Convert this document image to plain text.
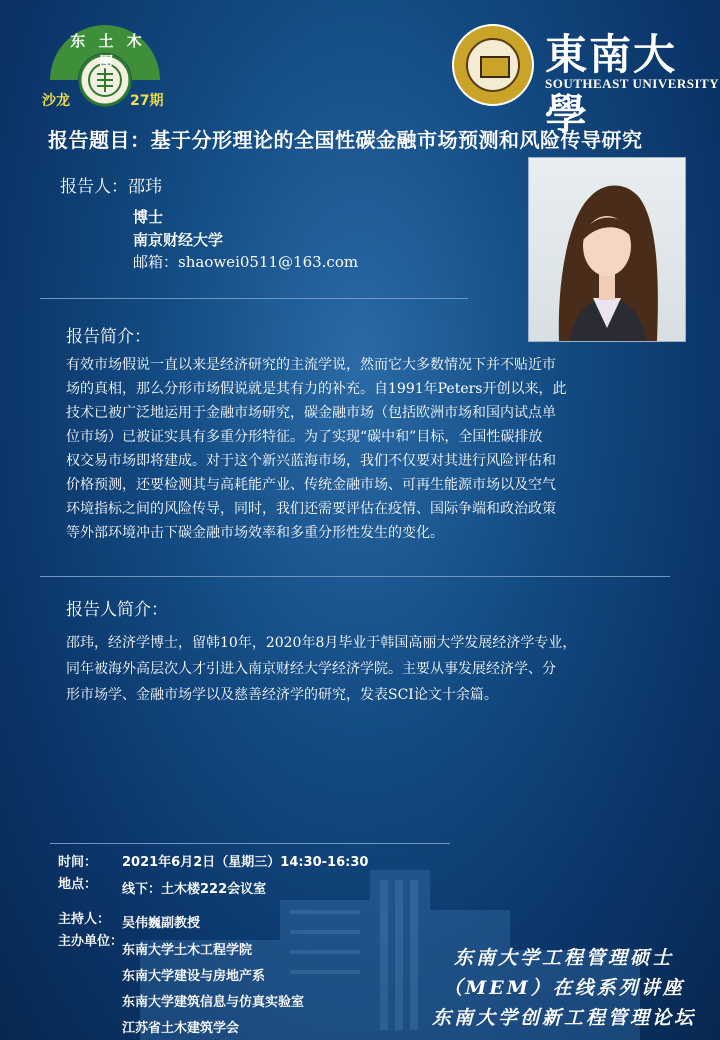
东 土 木 屋
沙龙	27期
東南大學
SOUTHEAST UNIVERSITY
报告题目：基于分形理论的全国性碳金融市场预测和风险传导研究
报告人：邵玮
博士
南京财经大学
邮箱：shaowei0511@163.com
报告简介：
有效市场假说一直以来是经济研究的主流学说，然而它大多数情况下并不贴近市
场的真相，那么分形市场假说就是其有力的补充。自1991年Peters开创以来，此
技术已被广泛地运用于金融市场研究，碳金融市场（包括欧洲市场和国内试点单
位市场）已被证实具有多重分形特征。为了实现“碳中和”目标，全国性碳排放
权交易市场即将建成。对于这个新兴蓝海市场，我们不仅要对其进行风险评估和
价格预测，还要检测其与高耗能产业、传统金融市场、可再生能源市场以及空气
环境指标之间的风险传导，同时，我们还需要评估在疫情、国际争端和政治政策
等外部环境冲击下碳金融市场效率和多重分形性发生的变化。
报告人简介：
邵玮，经济学博士，留韩10年，2020年8月毕业于韩国高丽大学发展经济学专业，
同年被海外高层次人才引进入南京财经大学经济学院。主要从事发展经济学、分
形市场学、金融市场学以及慈善经济学的研究，发表SCI论文十余篇。
时间： 2021年6月2日（星期三）14:30-16:30
地点： 线下：土木楼222会议室
主持人： 吴伟巍副教授
主办单位：
东南大学土木工程学院
东南大学建设与房地产系
东南大学建筑信息与仿真实验室
江苏省土木建筑学会
东南大学工程管理硕士
（MEM）在线系列讲座
东南大学创新工程管理论坛
